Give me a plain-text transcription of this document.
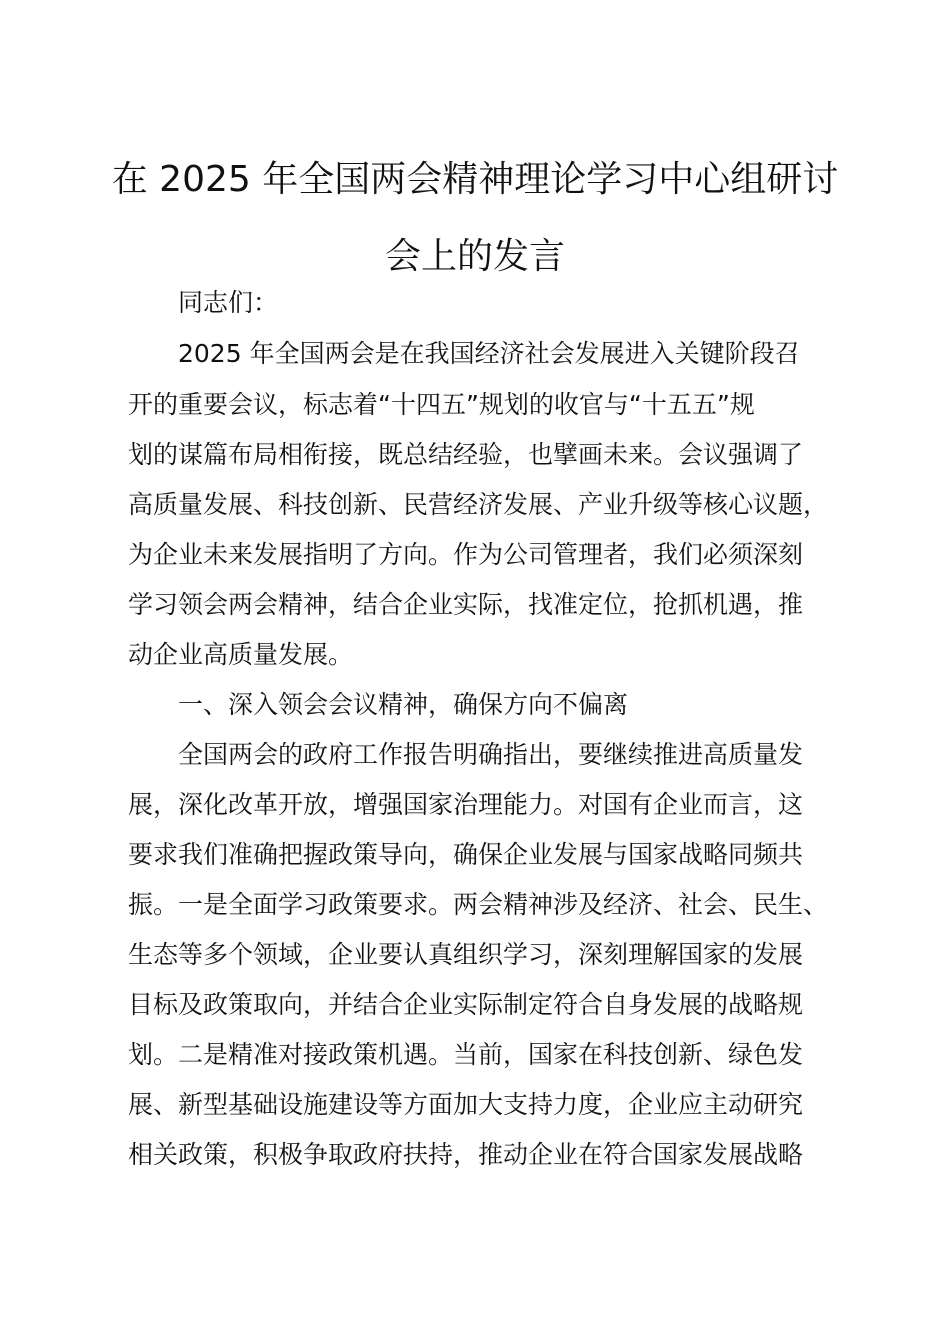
在 2025 年全国两会精神理论学习中心组研讨
会上的发言

同志们：

2025 年全国两会是在我国经济社会发展进入关键阶段召

开的重要会议，标志着“十四五”规划的收官与“十五五”规

划的谋篇布局相衔接，既总结经验，也擘画未来。会议强调了

高质量发展、科技创新、民营经济发展、产业升级等核心议题，

为企业未来发展指明了方向。作为公司管理者，我们必须深刻

学习领会两会精神，结合企业实际，找准定位，抢抓机遇，推

动企业高质量发展。

一、深入领会会议精神，确保方向不偏离

全国两会的政府工作报告明确指出，要继续推进高质量发

展，深化改革开放，增强国家治理能力。对国有企业而言，这

要求我们准确把握政策导向，确保企业发展与国家战略同频共

振。一是全面学习政策要求。两会精神涉及经济、社会、民生、

生态等多个领域，企业要认真组织学习，深刻理解国家的发展

目标及政策取向，并结合企业实际制定符合自身发展的战略规

划。二是精准对接政策机遇。当前，国家在科技创新、绿色发

展、新型基础设施建设等方面加大支持力度，企业应主动研究

相关政策，积极争取政府扶持，推动企业在符合国家发展战略
